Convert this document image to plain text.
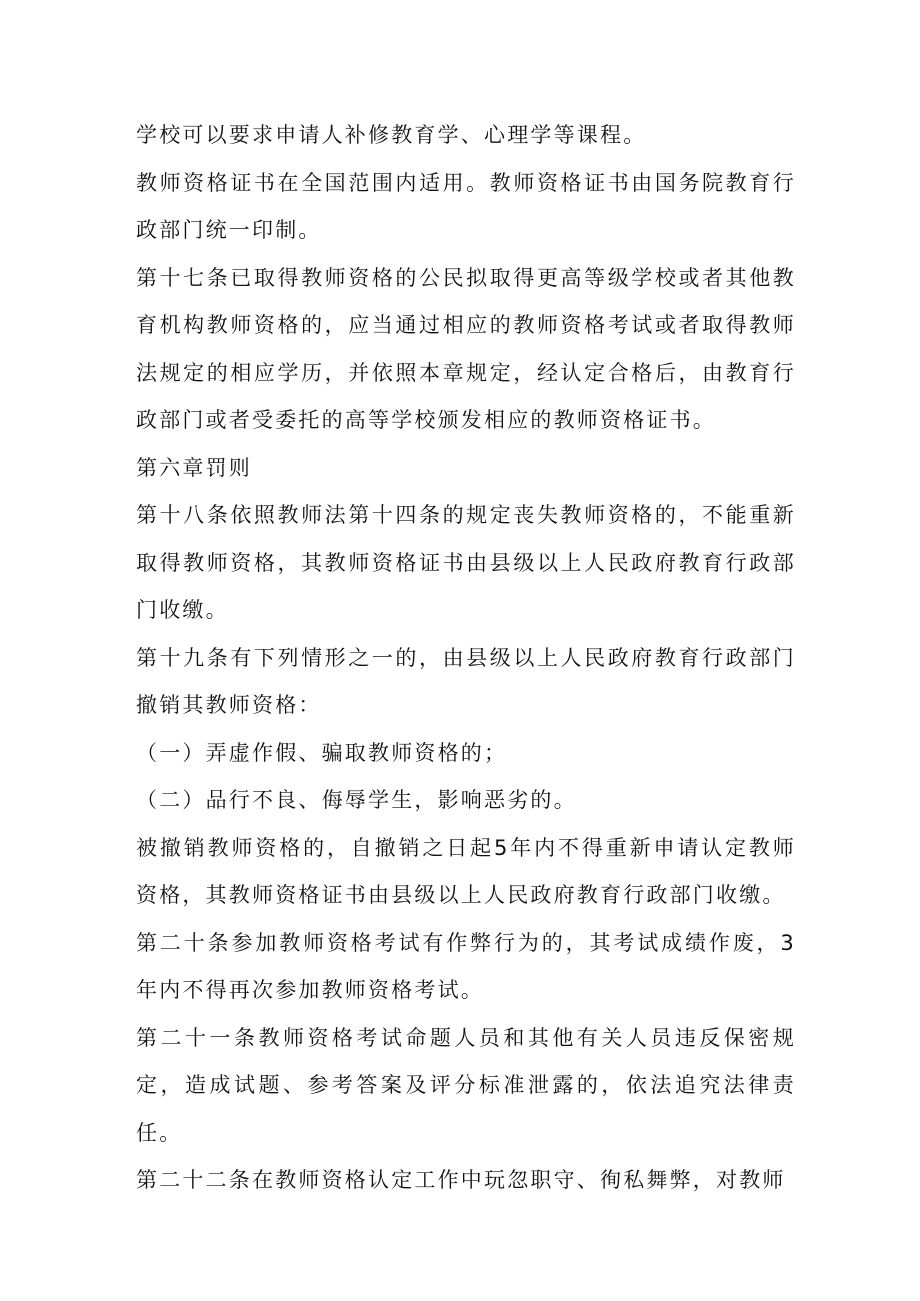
学校可以要求申请人补修教育学、心理学等课程。

教师资格证书在全国范围内适用。教师资格证书由国务院教育行政部门统一印制。

第十七条已取得教师资格的公民拟取得更高等级学校或者其他教育机构教师资格的，应当通过相应的教师资格考试或者取得教师法规定的相应学历，并依照本章规定，经认定合格后，由教育行政部门或者受委托的高等学校颁发相应的教师资格证书。

第六章罚则

第十八条依照教师法第十四条的规定丧失教师资格的，不能重新取得教师资格，其教师资格证书由县级以上人民政府教育行政部门收缴。

第十九条有下列情形之一的，由县级以上人民政府教育行政部门撤销其教师资格：

（一）弄虚作假、骗取教师资格的；

（二）品行不良、侮辱学生，影响恶劣的。

被撤销教师资格的，自撤销之日起5年内不得重新申请认定教师资格，其教师资格证书由县级以上人民政府教育行政部门收缴。

第二十条参加教师资格考试有作弊行为的，其考试成绩作废，3年内不得再次参加教师资格考试。

第二十一条教师资格考试命题人员和其他有关人员违反保密规定，造成试题、参考答案及评分标准泄露的，依法追究法律责任。

第二十二条在教师资格认定工作中玩忽职守、徇私舞弊，对教师
